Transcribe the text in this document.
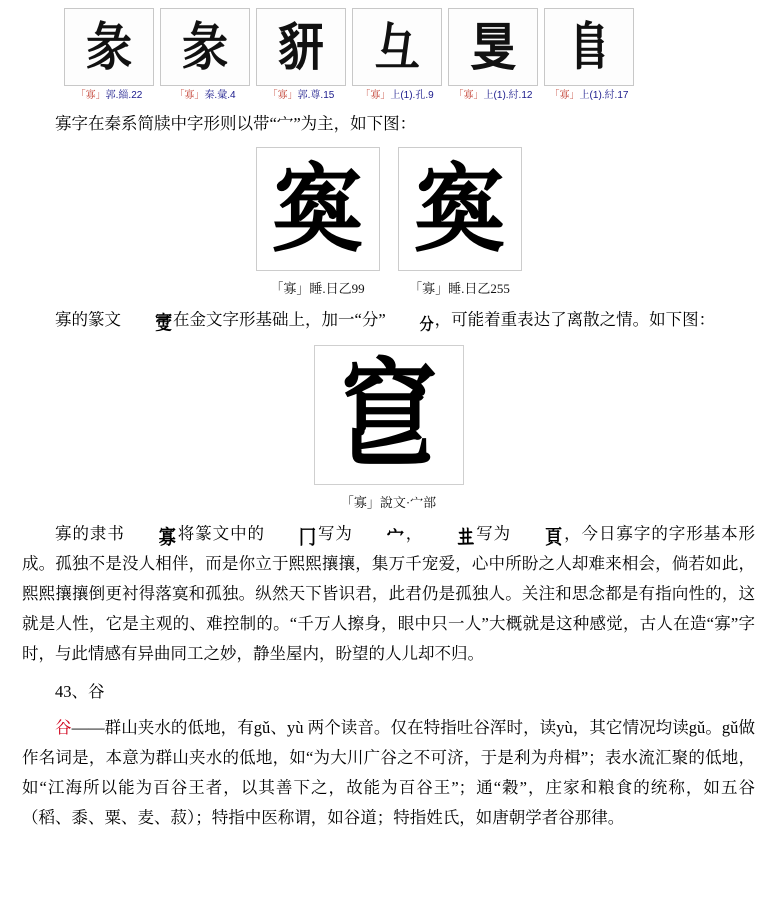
彖
「寡」郭.緇.22
彖
「寡」秦.彙.4
𧲨
「寡」郭.尊.15
彑
「寡」上(1).孔.9
𥄎
「寡」上(1).紂.12
𨸏
「寡」上(1).紂.17

寡字在秦系简牍中字形则以带“宀”为主，如下图：

寏
「寡」睡.日乙99
寏
「寡」睡.日乙255

寡的篆文 𡩠在金文字形基础上，加一“分” 分，可能着重表达了离散之情。如下图：

䆞
「寡」說文·宀部

寡的隶书 寡将篆文中的 冂写为 宀， 𠀎写为 頁，今日寡字的字形基本形成。孤独不是没人相伴，而是你立于熙熙攘攘，集万千宠爱，心中所盼之人却难来相会，倘若如此，熙熙攘攘倒更衬得落寞和孤独。纵然天下皆识君，此君仍是孤独人。关注和思念都是有指向性的，这就是人性，它是主观的、难控制的。“千万人擦身，眼中只一人”大概就是这种感觉，古人在造“寡”字时，与此情感有异曲同工之妙，静坐屋内，盼望的人儿却不归。

43、谷

谷——群山夹水的低地，有gǔ、yù 两个读音。仅在特指吐谷浑时，读yù，其它情况均读gǔ。gǔ做作名词是，本意为群山夹水的低地，如“为大川广谷之不可济，于是利为舟楫”；表水流汇聚的低地，如“江海所以能为百谷王者，以其善下之，故能为百谷王”；通“穀”，庄家和粮食的统称，如五谷（稻、黍、粟、麦、菽）；特指中医称谓，如谷道；特指姓氏，如唐朝学者谷那律。
